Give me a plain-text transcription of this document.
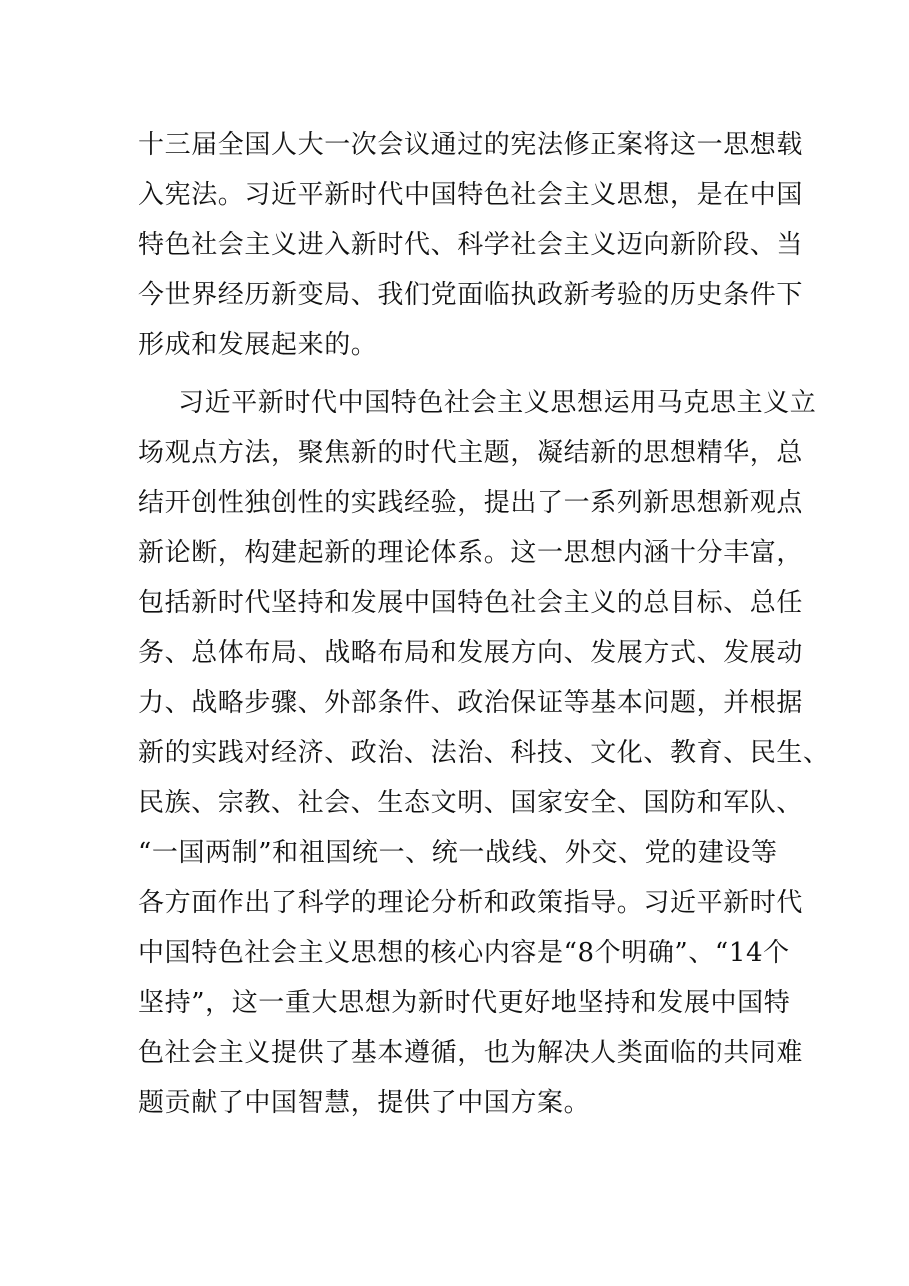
十三届全国人大一次会议通过的宪法修正案将这一思想载
入宪法。习近平新时代中国特色社会主义思想，是在中国
特色社会主义进入新时代、科学社会主义迈向新阶段、当
今世界经历新变局、我们党面临执政新考验的历史条件下
形成和发展起来的。
习近平新时代中国特色社会主义思想运用马克思主义立
场观点方法，聚焦新的时代主题，凝结新的思想精华，总
结开创性独创性的实践经验，提出了一系列新思想新观点
新论断，构建起新的理论体系。这一思想内涵十分丰富，
包括新时代坚持和发展中国特色社会主义的总目标、总任
务、总体布局、战略布局和发展方向、发展方式、发展动
力、战略步骤、外部条件、政治保证等基本问题，并根据
新的实践对经济、政治、法治、科技、文化、教育、民生、
民族、宗教、社会、生态文明、国家安全、国防和军队、
“一国两制”和祖国统一、统一战线、外交、党的建设等
各方面作出了科学的理论分析和政策指导。习近平新时代
中国特色社会主义思想的核心内容是“8个明确”、“14个
坚持”，这一重大思想为新时代更好地坚持和发展中国特
色社会主义提供了基本遵循，也为解决人类面临的共同难
题贡献了中国智慧，提供了中国方案。
